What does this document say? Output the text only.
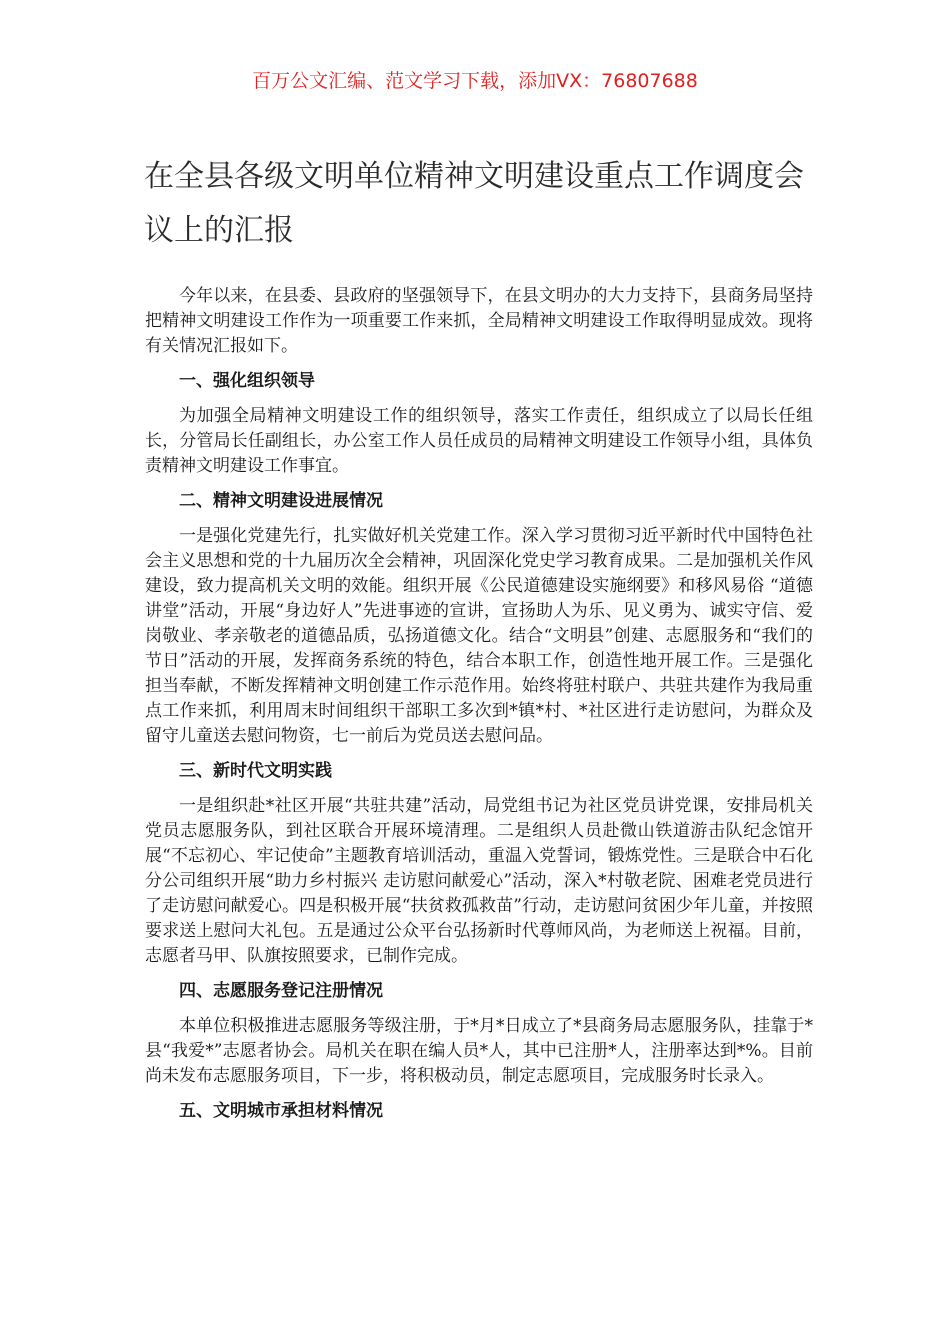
百万公文汇编、范文学习下载，添加VX：76807688
在全县各级文明单位精神文明建设重点工作调度会议上的汇报

今年以来，在县委、县政府的坚强领导下，在县文明办的大力支持下，县商务局坚持把精神文明建设工作作为一项重要工作来抓，全局精神文明建设工作取得明显成效。现将有关情况汇报如下。

一、强化组织领导

为加强全局精神文明建设工作的组织领导，落实工作责任，组织成立了以局长任组长，分管局长任副组长，办公室工作人员任成员的局精神文明建设工作领导小组，具体负责精神文明建设工作事宜。

二、精神文明建设进展情况

一是强化党建先行，扎实做好机关党建工作。深入学习贯彻习近平新时代中国特色社会主义思想和党的十九届历次全会精神，巩固深化党史学习教育成果。二是加强机关作风建设，致力提高机关文明的效能。组织开展《公民道德建设实施纲要》和移风易俗 “道德讲堂”活动，开展“身边好人”先进事迹的宣讲，宣扬助人为乐、见义勇为、诚实守信、爱岗敬业、孝亲敬老的道德品质，弘扬道德文化。结合“文明县”创建、志愿服务和“我们的节日”活动的开展，发挥商务系统的特色，结合本职工作，创造性地开展工作。三是强化担当奉献，不断发挥精神文明创建工作示范作用。始终将驻村联户、共驻共建作为我局重点工作来抓，利用周末时间组织干部职工多次到*镇*村、*社区进行走访慰问，为群众及留守儿童送去慰问物资，七一前后为党员送去慰问品。

三、新时代文明实践

一是组织赴*社区开展“共驻共建”活动，局党组书记为社区党员讲党课，安排局机关党员志愿服务队，到社区联合开展环境清理。二是组织人员赴微山铁道游击队纪念馆开展“不忘初心、牢记使命”主题教育培训活动，重温入党誓词，锻炼党性。三是联合中石化分公司组织开展“助力乡村振兴 走访慰问献爱心”活动，深入*村敬老院、困难老党员进行了走访慰问献爱心。四是积极开展“扶贫救孤救苗”行动，走访慰问贫困少年儿童，并按照要求送上慰问大礼包。五是通过公众平台弘扬新时代尊师风尚，为老师送上祝福。目前，志愿者马甲、队旗按照要求，已制作完成。

四、志愿服务登记注册情况

本单位积极推进志愿服务等级注册，于*月*日成立了*县商务局志愿服务队，挂靠于*县“我爱*”志愿者协会。局机关在职在编人员*人，其中已注册*人，注册率达到*%。目前尚未发布志愿服务项目，下一步，将积极动员，制定志愿项目，完成服务时长录入。

五、文明城市承担材料情况
